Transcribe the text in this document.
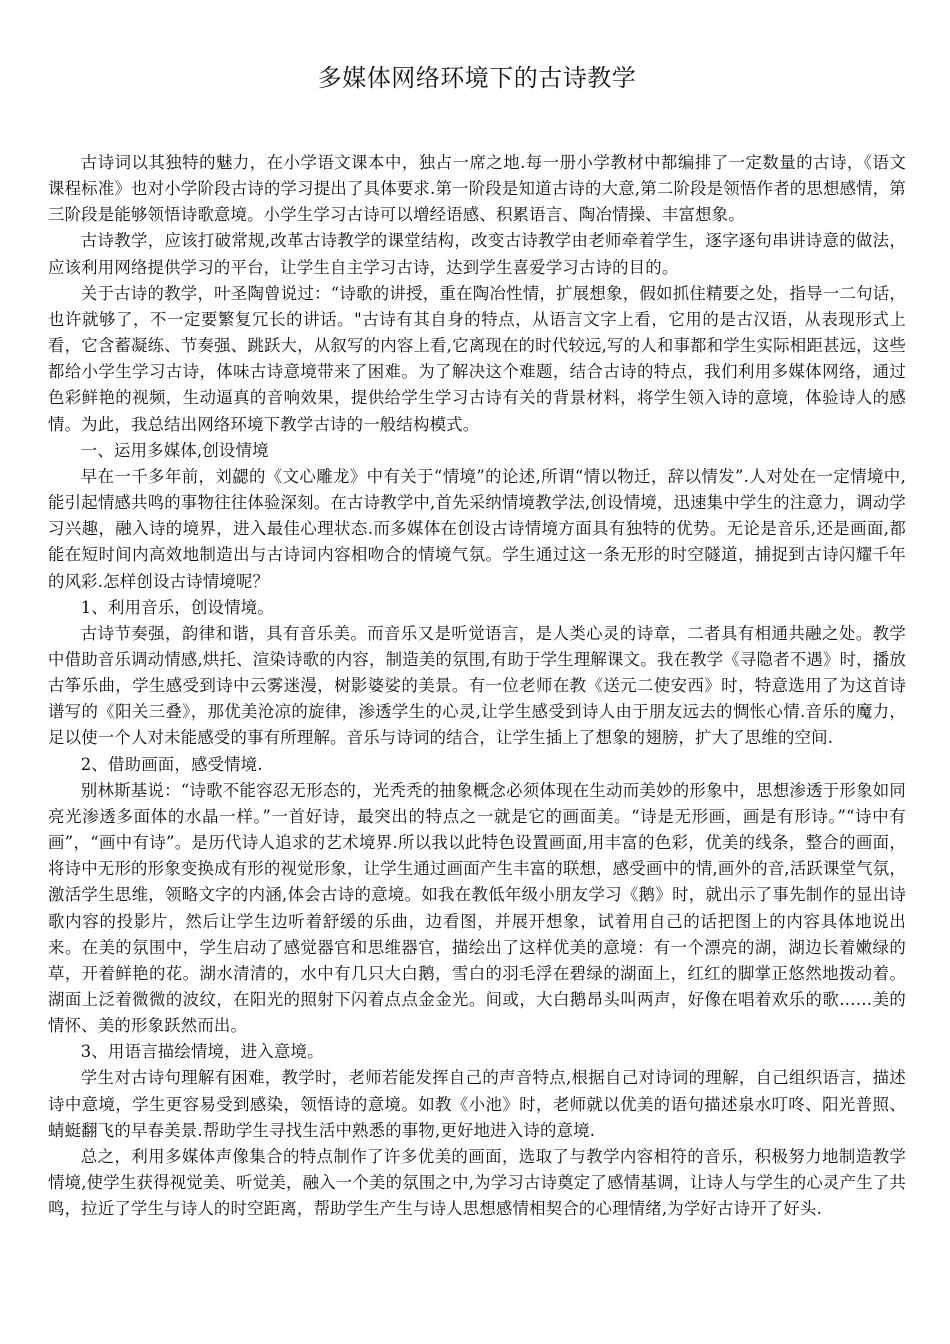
多媒体网络环境下的古诗教学

古诗词以其独特的魅力，在小学语文课本中，独占一席之地.每一册小学教材中都编排了一定数量的古诗，《语文课程标准》也对小学阶段古诗的学习提出了具体要求.第一阶段是知道古诗的大意,第二阶段是领悟作者的思想感情，第三阶段是能够领悟诗歌意境。小学生学习古诗可以增经语感、积累语言、陶冶情操、丰富想象。

古诗教学，应该打破常规,改革古诗教学的课堂结构，改变古诗教学由老师牵着学生，逐字逐句串讲诗意的做法，应该利用网络提供学习的平台，让学生自主学习古诗，达到学生喜爱学习古诗的目的。

关于古诗的教学，叶圣陶曾说过：“诗歌的讲授，重在陶冶性情，扩展想象，假如抓住精要之处，指导一二句话，也许就够了，不一定要繁复冗长的讲话。"古诗有其自身的特点，从语言文字上看，它用的是古汉语，从表现形式上看，它含蓄凝练、节奏强、跳跃大，从叙写的内容上看,它离现在的时代较远,写的人和事都和学生实际相距甚远，这些都给小学生学习古诗，体味古诗意境带来了困难。为了解决这个难题，结合古诗的特点，我们利用多媒体网络，通过色彩鲜艳的视频，生动逼真的音响效果，提供给学生学习古诗有关的背景材料，将学生领入诗的意境，体验诗人的感情。为此，我总结出网络环境下教学古诗的一般结构模式。

一、运用多媒体,创设情境

早在一千多年前，刘勰的《文心雕龙》中有关于“情境”的论述,所谓“情以物迁，辞以情发”.人对处在一定情境中,能引起情感共鸣的事物往往体验深刻。在古诗教学中,首先采纳情境教学法,创设情境，迅速集中学生的注意力，调动学习兴趣，融入诗的境界，进入最佳心理状态.而多媒体在创设古诗情境方面具有独特的优势。无论是音乐,还是画面,都能在短时间内高效地制造出与古诗词内容相吻合的情境气氛。学生通过这一条无形的时空隧道，捕捉到古诗闪耀千年的风彩.怎样创设古诗情境呢？

1、利用音乐，创设情境。

古诗节奏强，韵律和谐，具有音乐美。而音乐又是听觉语言，是人类心灵的诗章，二者具有相通共融之处。教学中借助音乐调动情感,烘托、渲染诗歌的内容，制造美的氛围,有助于学生理解课文。我在教学《寻隐者不遇》时，播放古筝乐曲，学生感受到诗中云雾迷漫，树影婆娑的美景。有一位老师在教《送元二使安西》时，特意选用了为这首诗谱写的《阳关三叠》，那优美沧凉的旋律，渗透学生的心灵,让学生感受到诗人由于朋友远去的惆怅心情.音乐的魔力，足以使一个人对未能感受的事有所理解。音乐与诗词的结合，让学生插上了想象的翅膀，扩大了思维的空间.

2、借助画面，感受情境.

别林斯基说：“诗歌不能容忍无形态的，光秃秃的抽象概念必须体现在生动而美妙的形象中，思想渗透于形象如同亮光渗透多面体的水晶一样。”一首好诗，最突出的特点之一就是它的画面美。“诗是无形画，画是有形诗。”“诗中有画”，“画中有诗”。是历代诗人追求的艺术境界.所以我以此特色设置画面,用丰富的色彩，优美的线条，整合的画面，将诗中无形的形象变换成有形的视觉形象，让学生通过画面产生丰富的联想，感受画中的情,画外的音,活跃课堂气氛，激活学生思维，领略文字的内涵,体会古诗的意境。如我在教低年级小朋友学习《鹅》时，就出示了事先制作的显出诗歌内容的投影片，然后让学生边听着舒缓的乐曲，边看图，并展开想象，试着用自己的话把图上的内容具体地说出来。在美的氛围中，学生启动了感觉器官和思维器官，描绘出了这样优美的意境：有一个漂亮的湖，湖边长着嫩绿的草，开着鲜艳的花。湖水清清的，水中有几只大白鹅，雪白的羽毛浮在碧绿的湖面上，红红的脚掌正悠然地拨动着。湖面上泛着微微的波纹，在阳光的照射下闪着点点金金光。间或，大白鹅昂头叫两声，好像在唱着欢乐的歌……美的情怀、美的形象跃然而出。

3、用语言描绘情境，进入意境。

学生对古诗句理解有困难，教学时，老师若能发挥自己的声音特点,根据自己对诗词的理解，自己组织语言，描述诗中意境，学生更容易受到感染，领悟诗的意境。如教《小池》时，老师就以优美的语句描述泉水叮咚、阳光普照、蜻蜓翻飞的早春美景.帮助学生寻找生活中熟悉的事物,更好地进入诗的意境.

总之，利用多媒体声像集合的特点制作了许多优美的画面，选取了与教学内容相符的音乐，积极努力地制造教学情境,使学生获得视觉美、听觉美，融入一个美的氛围之中,为学习古诗奠定了感情基调，让诗人与学生的心灵产生了共鸣，拉近了学生与诗人的时空距离，帮助学生产生与诗人思想感情相契合的心理情绪,为学好古诗开了好头.
